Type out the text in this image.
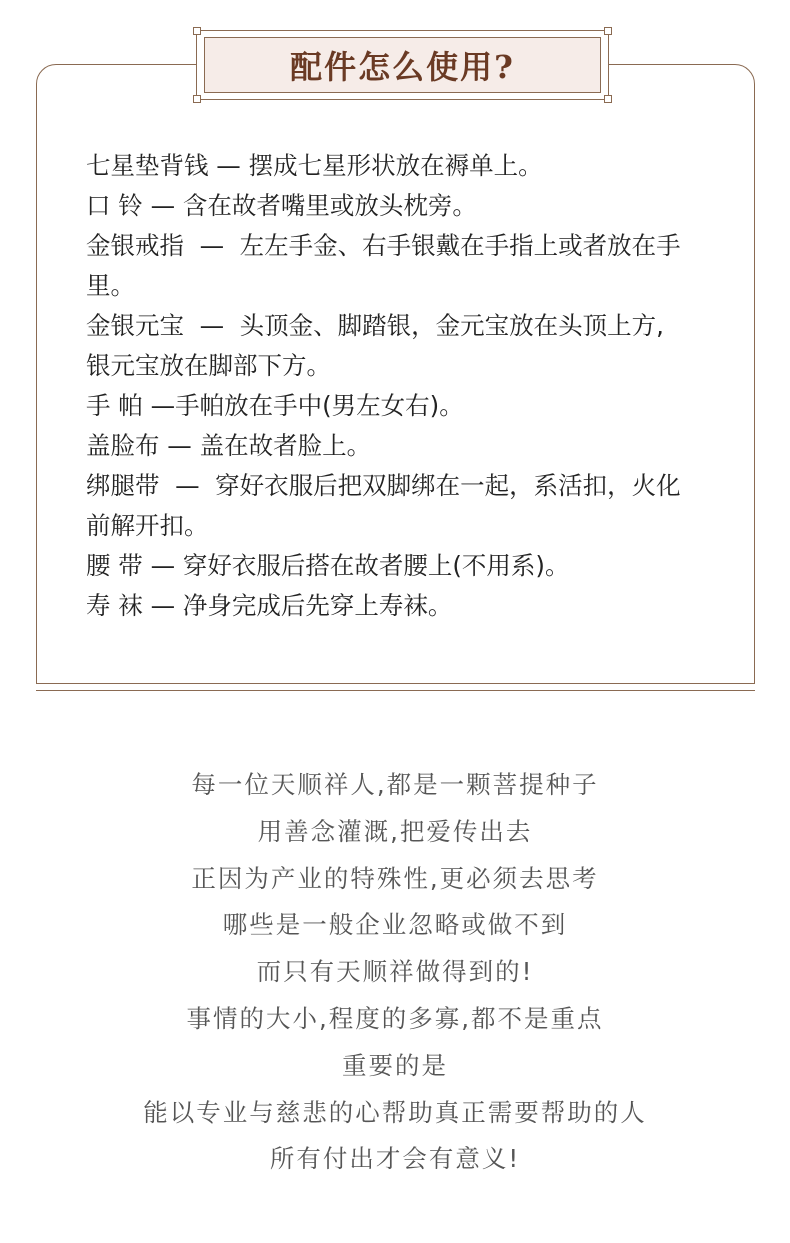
配件怎么使用?
七星垫背钱 — 摆成七星形状放在褥单上。
口 铃 — 含在故者嘴里或放头枕旁。
金银戒指  —  左左手金、右手银戴在手指上或者放在手里。
金银元宝  —  头顶金、脚踏银，金元宝放在头顶上方,银元宝放在脚部下方。
手 帕 —手帕放在手中(男左女右)。
盖脸布 — 盖在故者脸上。
绑腿带  —  穿好衣服后把双脚绑在一起，系活扣，火化前解开扣。
腰 带 — 穿好衣服后搭在故者腰上(不用系)。
寿 袜 — 净身完成后先穿上寿袜。
每一位天顺祥人,都是一颗菩提种子
用善念灌溉,把爱传出去
正因为产业的特殊性,更必须去思考
哪些是一般企业忽略或做不到
而只有天顺祥做得到的!
事情的大小,程度的多寡,都不是重点
重要的是
能以专业与慈悲的心帮助真正需要帮助的人
所有付出才会有意义!
